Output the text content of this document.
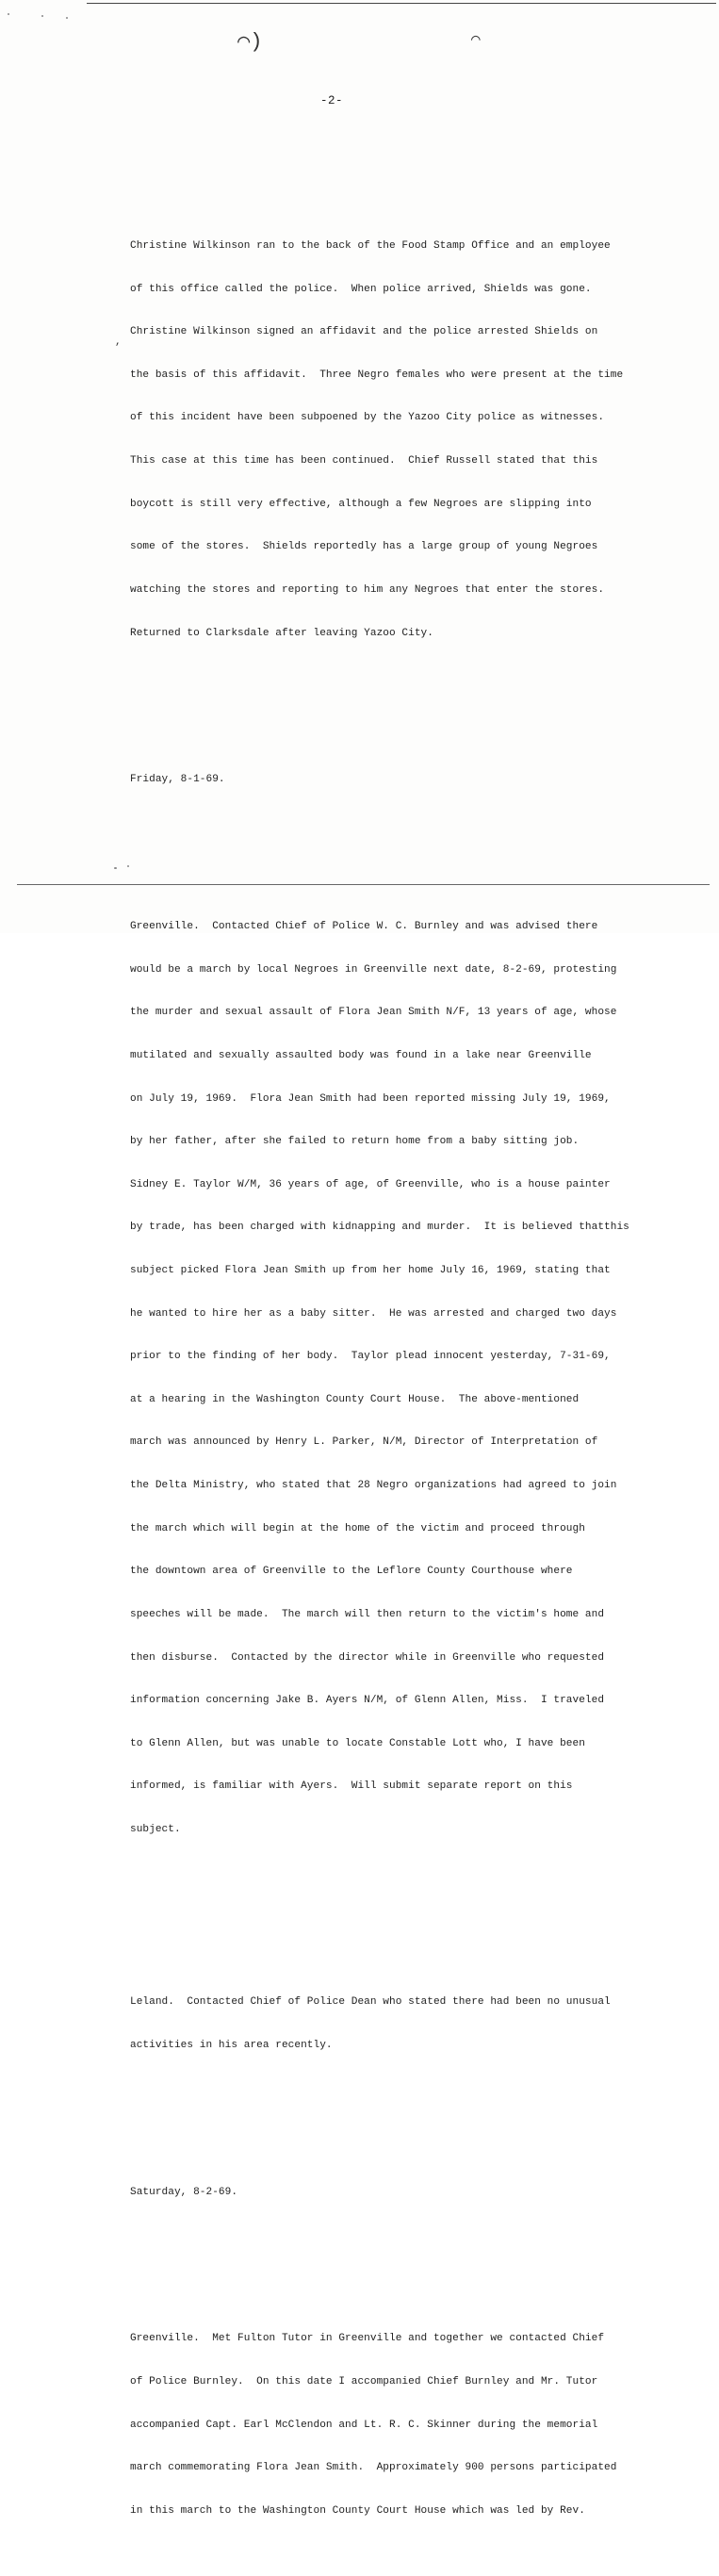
⌒)	⌒
-2-
,

Christine Wilkinson ran to the back of the Food Stamp Office and an employee

of this office called the police.  When police arrived, Shields was gone.

Christine Wilkinson signed an affidavit and the police arrested Shields on

the basis of this affidavit.  Three Negro females who were present at the time

of this incident have been subpoened by the Yazoo City police as witnesses.

This case at this time has been continued.  Chief Russell stated that this

boycott is still very effective, although a few Negroes are slipping into

some of the stores.  Shields reportedly has a large group of young Negroes

watching the stores and reporting to him any Negroes that enter the stores.

Returned to Clarksdale after leaving Yazoo City.

Friday, 8-1-69.

Greenville.  Contacted Chief of Police W. C. Burnley and was advised there

would be a march by local Negroes in Greenville next date, 8-2-69, protesting

the murder and sexual assault of Flora Jean Smith N/F, 13 years of age, whose

mutilated and sexually assaulted body was found in a lake near Greenville

on July 19, 1969.  Flora Jean Smith had been reported missing July 19, 1969,

by her father, after she failed to return home from a baby sitting job.

Sidney E. Taylor W/M, 36 years of age, of Greenville, who is a house painter

by trade, has been charged with kidnapping and murder.  It is believed thatthis

subject picked Flora Jean Smith up from her home July 16, 1969, stating that

he wanted to hire her as a baby sitter.  He was arrested and charged two days

prior to the finding of her body.  Taylor plead innocent yesterday, 7-31-69,

at a hearing in the Washington County Court House.  The above-mentioned

march was announced by Henry L. Parker, N/M, Director of Interpretation of

the Delta Ministry, who stated that 28 Negro organizations had agreed to join

the march which will begin at the home of the victim and proceed through

the downtown area of Greenville to the Leflore County Courthouse where

speeches will be made.  The march will then return to the victim's home and

then disburse.  Contacted by the director while in Greenville who requested

information concerning Jake B. Ayers N/M, of Glenn Allen, Miss.  I traveled

to Glenn Allen, but was unable to locate Constable Lott who, I have been

informed, is familiar with Ayers.  Will submit separate report on this

subject.

Leland.  Contacted Chief of Police Dean who stated there had been no unusual

activities in his area recently.

Saturday, 8-2-69.

Greenville.  Met Fulton Tutor in Greenville and together we contacted Chief

of Police Burnley.  On this date I accompanied Chief Burnley and Mr. Tutor

accompanied Capt. Earl McClendon and Lt. R. C. Skinner during the memorial

march commemorating Flora Jean Smith.  Approximately 900 persons participated

in this march to the Washington County Court House which was led by Rev.
